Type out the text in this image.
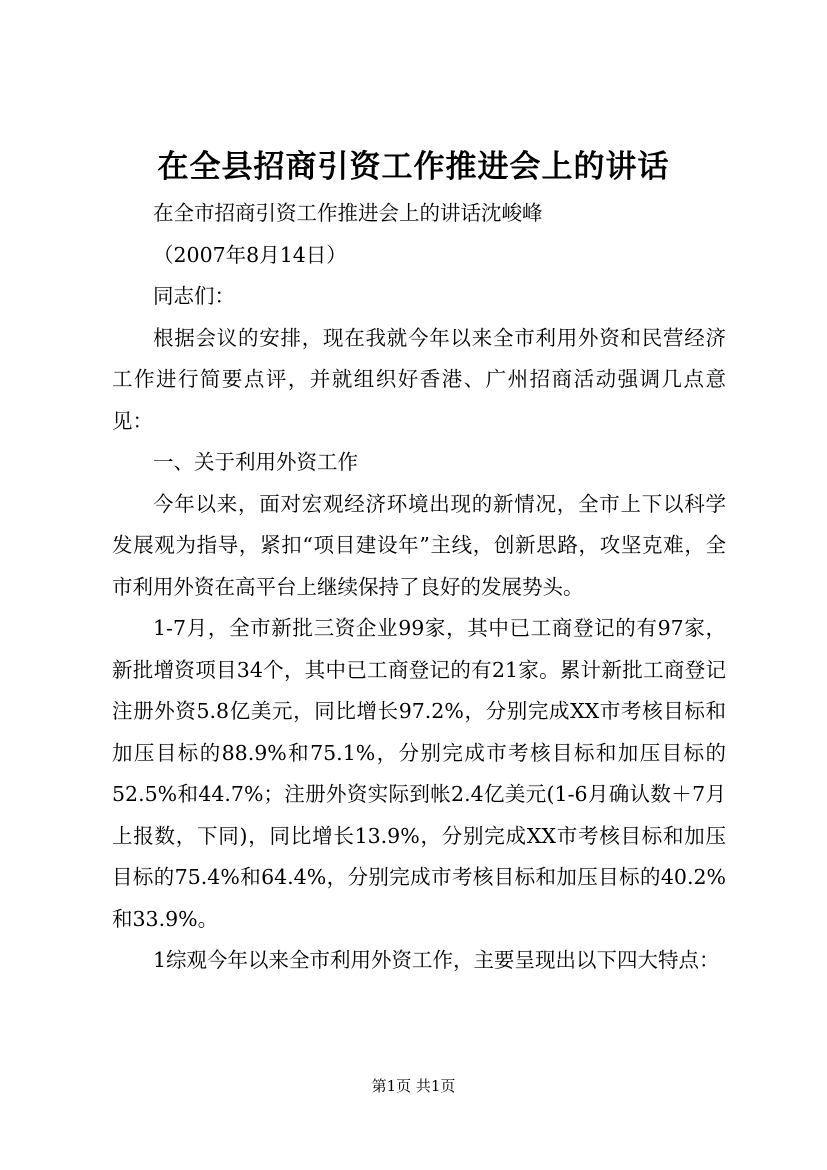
在全县招商引资工作推进会上的讲话

在全市招商引资工作推进会上的讲话沈峻峰

（2007年8月14日）

同志们：

根据会议的安排，现在我就今年以来全市利用外资和民营经济工作进行简要点评，并就组织好香港、广州招商活动强调几点意见：

一、关于利用外资工作

今年以来，面对宏观经济环境出现的新情况，全市上下以科学发展观为指导，紧扣“项目建设年”主线，创新思路，攻坚克难，全市利用外资在高平台上继续保持了良好的发展势头。

1-7月，全市新批三资企业99家，其中已工商登记的有97家，新批增资项目34个，其中已工商登记的有21家。累计新批工商登记注册外资5.8亿美元，同比增长97.2%，分别完成XX市考核目标和加压目标的88.9%和75.1%，分别完成市考核目标和加压目标的52.5%和44.7%；注册外资实际到帐2.4亿美元(1-6月确认数＋7月上报数，下同)，同比增长13.9%，分别完成XX市考核目标和加压目标的75.4%和64.4%，分别完成市考核目标和加压目标的40.2%和33.9%。

1综观今年以来全市利用外资工作，主要呈现出以下四大特点：

第1页 共1页
